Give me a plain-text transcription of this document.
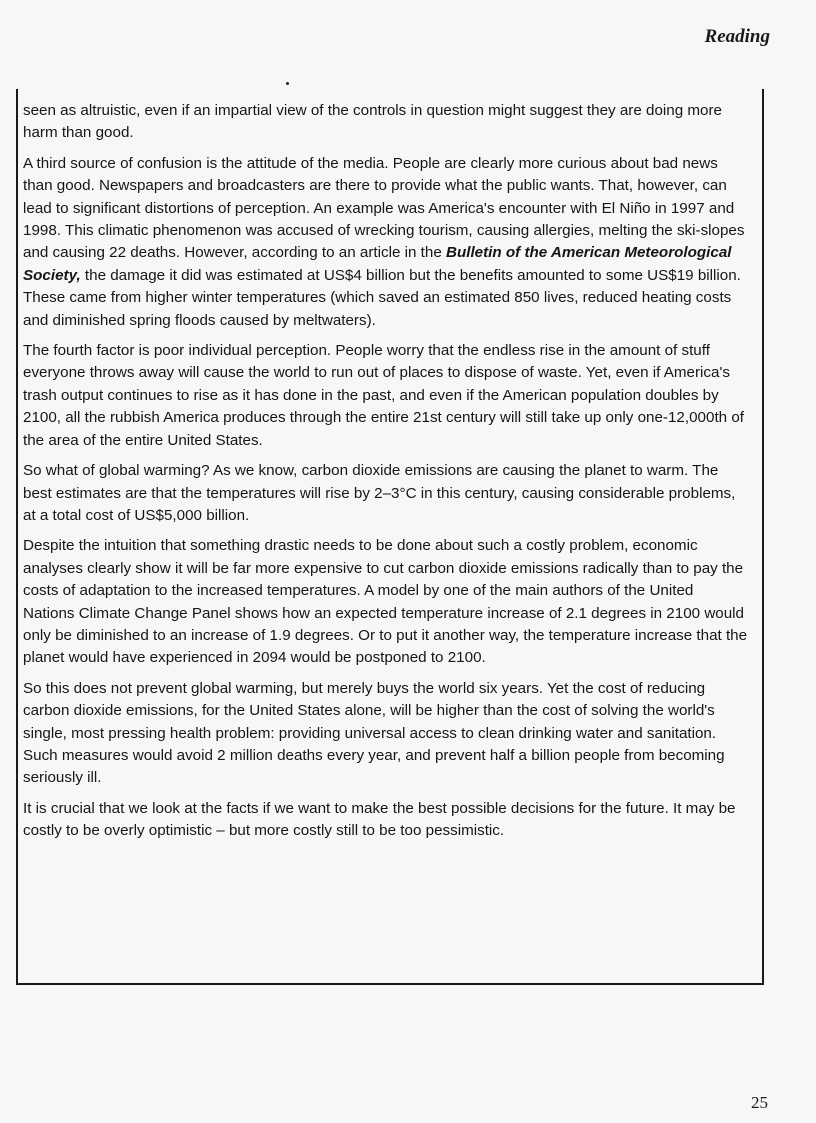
Reading

seen as altruistic, even if an impartial view of the controls in question might suggest they are doing more harm than good.

A third source of confusion is the attitude of the media. People are clearly more curious about bad news than good. Newspapers and broadcasters are there to provide what the public wants. That, however, can lead to significant distortions of perception. An example was America's encounter with El Niño in 1997 and 1998. This climatic phenomenon was accused of wrecking tourism, causing allergies, melting the ski-slopes and causing 22 deaths. However, according to an article in the Bulletin of the American Meteorological Society, the damage it did was estimated at US$4 billion but the benefits amounted to some US$19 billion. These came from higher winter temperatures (which saved an estimated 850 lives, reduced heating costs and diminished spring floods caused by meltwaters).

The fourth factor is poor individual perception. People worry that the endless rise in the amount of stuff everyone throws away will cause the world to run out of places to dispose of waste. Yet, even if America's trash output continues to rise as it has done in the past, and even if the American population doubles by 2100, all the rubbish America produces through the entire 21st century will still take up only one-12,000th of the area of the entire United States.

So what of global warming? As we know, carbon dioxide emissions are causing the planet to warm. The best estimates are that the temperatures will rise by 2–3°C in this century, causing considerable problems, at a total cost of US$5,000 billion.

Despite the intuition that something drastic needs to be done about such a costly problem, economic analyses clearly show it will be far more expensive to cut carbon dioxide emissions radically than to pay the costs of adaptation to the increased temperatures. A model by one of the main authors of the United Nations Climate Change Panel shows how an expected temperature increase of 2.1 degrees in 2100 would only be diminished to an increase of 1.9 degrees. Or to put it another way, the temperature increase that the planet would have experienced in 2094 would be postponed to 2100.

So this does not prevent global warming, but merely buys the world six years. Yet the cost of reducing carbon dioxide emissions, for the United States alone, will be higher than the cost of solving the world's single, most pressing health problem: providing universal access to clean drinking water and sanitation. Such measures would avoid 2 million deaths every year, and prevent half a billion people from becoming seriously ill.

It is crucial that we look at the facts if we want to make the best possible decisions for the future. It may be costly to be overly optimistic – but more costly still to be too pessimistic.

25
